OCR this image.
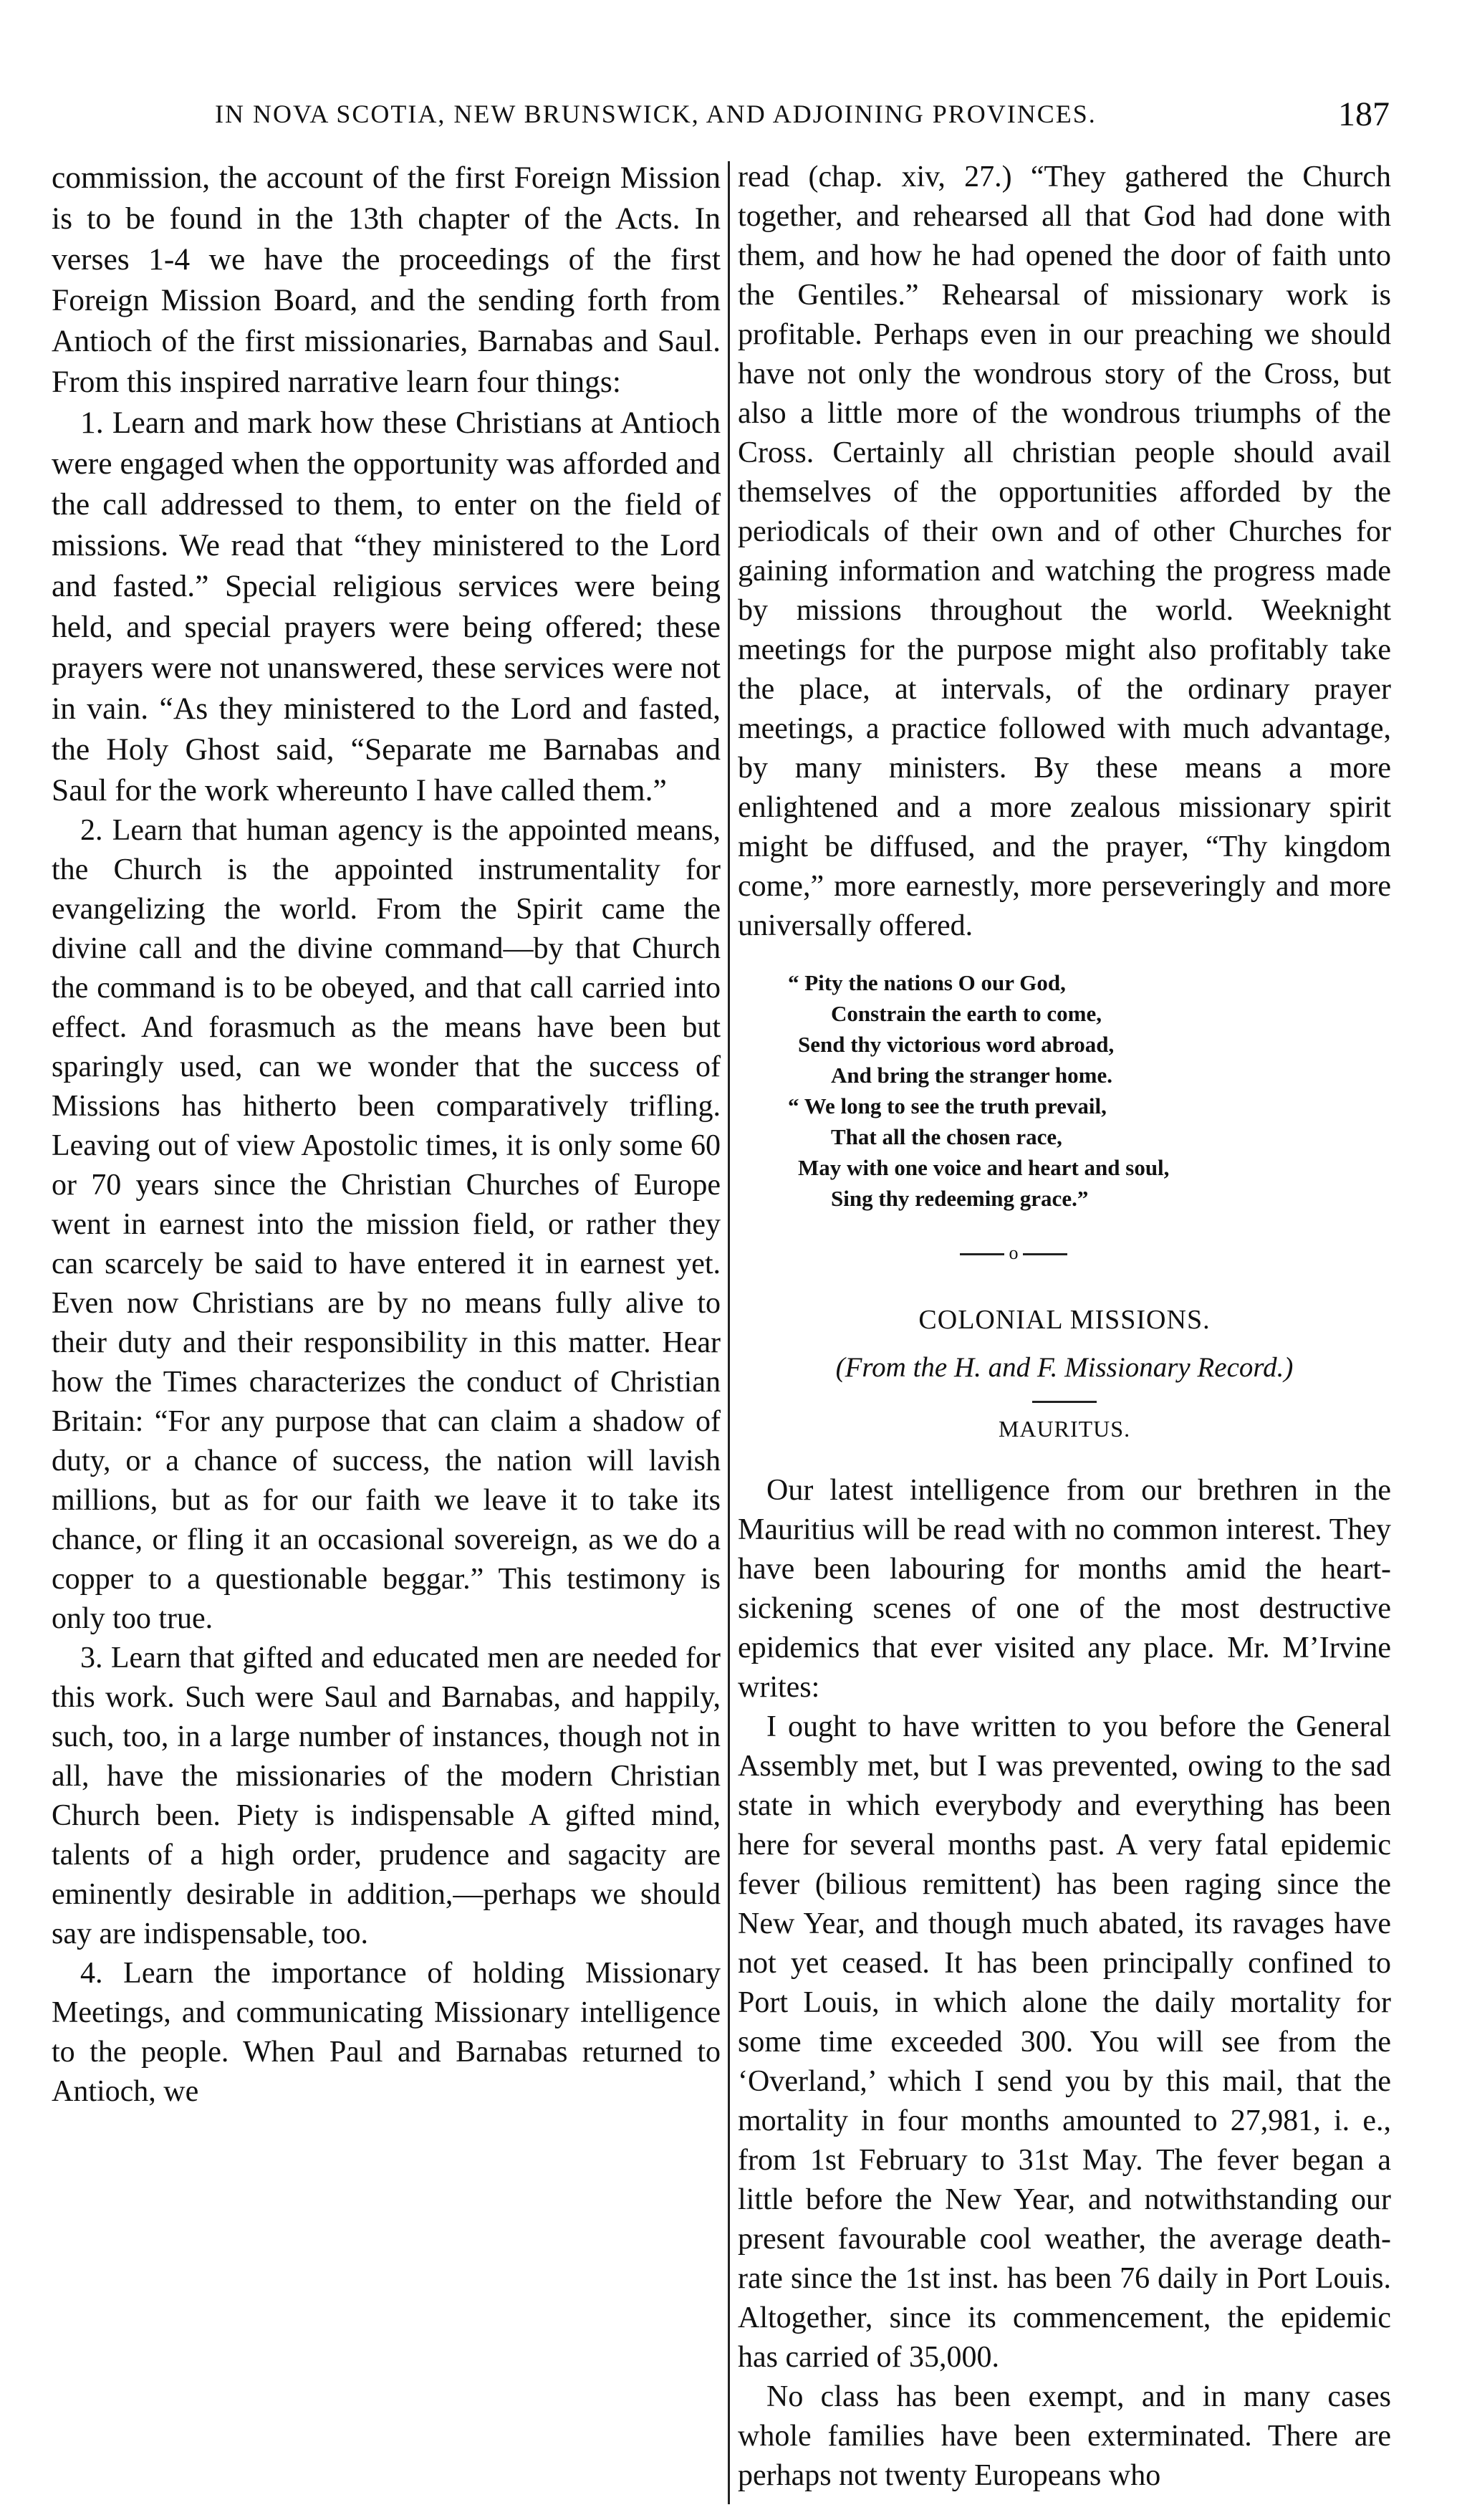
IN NOVA SCOTIA, NEW BRUNSWICK, AND ADJOINING PROVINCES.	187

commission, the account of the first Foreign Mission is to be found in the 13th chapter of the Acts. In verses 1-4 we have the proceedings of the first Foreign Mission Board, and the sending forth from Antioch of the first missionaries, Barnabas and Saul. From this inspired narrative learn four things:

1. Learn and mark how these Christians at Antioch were engaged when the opportunity was afforded and the call addressed to them, to enter on the field of missions. We read that “they ministered to the Lord and fasted.” Special religious services were being held, and special prayers were being offered; these prayers were not unanswered, these services were not in vain. “As they ministered to the Lord and fasted, the Holy Ghost said, “Separate me Barnabas and Saul for the work whereunto I have called them.”

2. Learn that human agency is the appointed means, the Church is the appointed instrumentality for evangelizing the world. From the Spirit came the divine call and the divine command—by that Church the command is to be obeyed, and that call carried into effect. And forasmuch as the means have been but sparingly used, can we wonder that the success of Missions has hitherto been comparatively trifling. Leaving out of view Apostolic times, it is only some 60 or 70 years since the Christian Churches of Europe went in earnest into the mission field, or rather they can scarcely be said to have entered it in earnest yet. Even now Christians are by no means fully alive to their duty and their responsibility in this matter. Hear how the Times characterizes the conduct of Christian Britain: “For any purpose that can claim a shadow of duty, or a chance of success, the nation will lavish millions, but as for our faith we leave it to take its chance, or fling it an occasional sovereign, as we do a copper to a questionable beggar.” This testimony is only too true.

3. Learn that gifted and educated men are needed for this work. Such were Saul and Barnabas, and happily, such, too, in a large number of instances, though not in all, have the missionaries of the modern Christian Church been. Piety is indispensable A gifted mind, talents of a high order, prudence and sagacity are eminently desirable in addition,—perhaps we should say are indispensable, too.

4. Learn the importance of holding Missionary Meetings, and communicating Missionary intelligence to the people. When Paul and Barnabas returned to Antioch, we

read (chap. xiv, 27.) “They gathered the Church together, and rehearsed all that God had done with them, and how he had opened the door of faith unto the Gentiles.” Rehearsal of missionary work is profitable. Perhaps even in our preaching we should have not only the wondrous story of the Cross, but also a little more of the wondrous triumphs of the Cross. Certainly all christian people should avail themselves of the opportunities afforded by the periodicals of their own and of other Churches for gaining information and watching the progress made by missions throughout the world. Weeknight meetings for the purpose might also profitably take the place, at intervals, of the ordinary prayer meetings, a practice followed with much advantage, by many ministers. By these means a more enlightened and a more zealous missionary spirit might be diffused, and the prayer, “Thy kingdom come,” more earnestly, more perseveringly and more universally offered.

“ Pity the nations O our God,
Constrain the earth to come,
Send thy victorious word abroad,
And bring the stranger home.
“ We long to see the truth prevail,
That all the chosen race,
May with one voice and heart and soul,
Sing thy redeeming grace.”
o
COLONIAL MISSIONS.
(From the H. and F. Missionary Record.)
MAURITUS.

Our latest intelligence from our brethren in the Mauritius will be read with no common interest. They have been labouring for months amid the heart-sickening scenes of one of the most destructive epidemics that ever visited any place. Mr. M’Irvine writes:

I ought to have written to you before the General Assembly met, but I was prevented, owing to the sad state in which everybody and everything has been here for several months past. A very fatal epidemic fever (bilious remittent) has been raging since the New Year, and though much abated, its ravages have not yet ceased. It has been principally confined to Port Louis, in which alone the daily mortality for some time exceeded 300. You will see from the ‘Overland,’ which I send you by this mail, that the mortality in four months amounted to 27,981, i. e., from 1st February to 31st May. The fever began a little before the New Year, and notwithstanding our present favourable cool weather, the average death-rate since the 1st inst. has been 76 daily in Port Louis. Altogether, since its commencement, the epidemic has carried of 35,000.

No class has been exempt, and in many cases whole families have been exterminated. There are perhaps not twenty Europeans who
